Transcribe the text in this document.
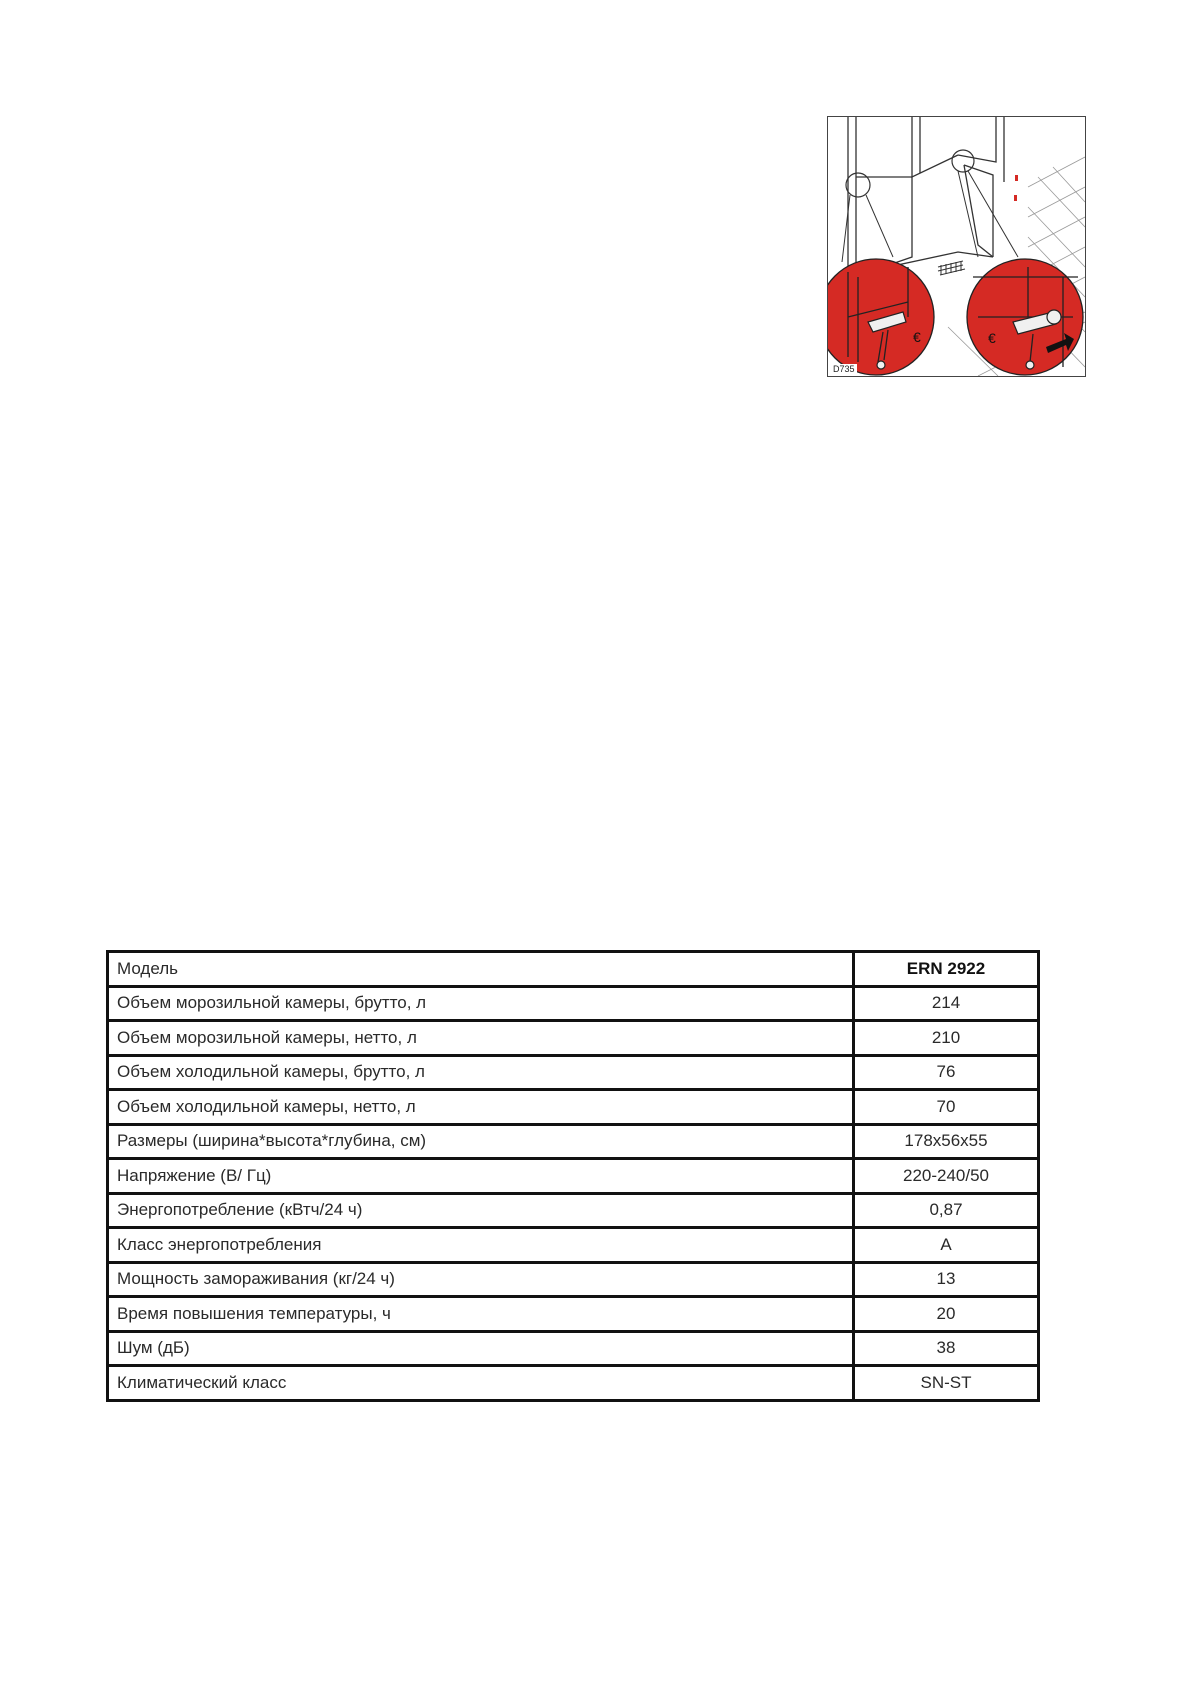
€	€
D735
Модель	ERN 2922
Объем морозильной камеры, брутто, л	214
Объем морозильной камеры, нетто, л	210
Объем холодильной камеры, брутто, л	76
Объем холодильной камеры, нетто, л	70
Размеры (ширина*высота*глубина, см)	178x56x55
Напряжение (В/ Гц)	220-240/50
Энергопотребление (кВтч/24 ч)	0,87
Класс энергопотребления	A
Мощность замораживания (кг/24 ч)	13
Время повышения температуры, ч	20
Шум (дБ)	38
Климатический класс	SN-ST
